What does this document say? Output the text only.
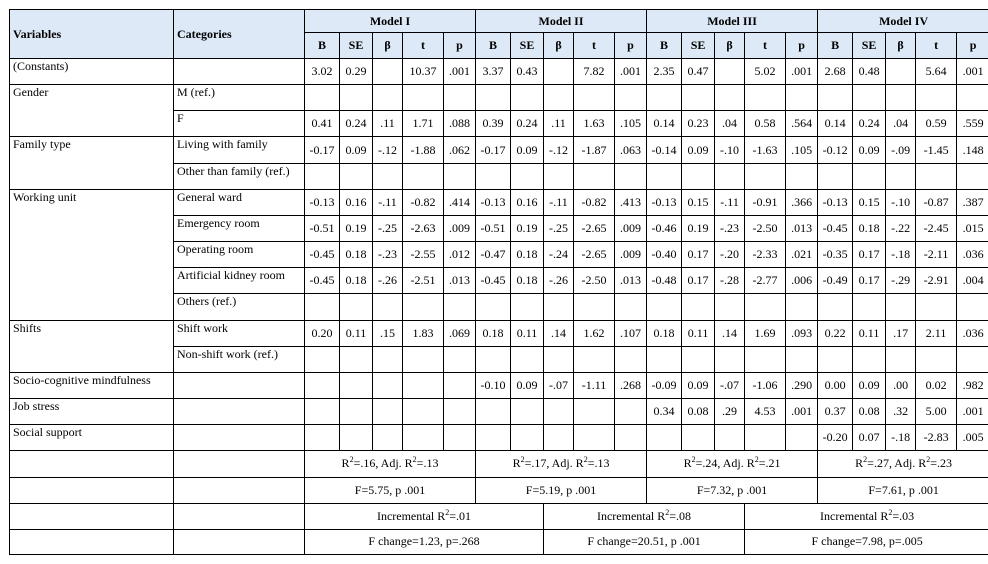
Variables	Categories	Model I					Model II					Model III					Model IV				
		B	SE	β	t	p	B	SE	β	t	p	B	SE	β	t	p	B	SE	β	t	p
(Constants)		3.02	0.29		10.37	.001	3.37	0.43		7.82	.001	2.35	0.47		5.02	.001	2.68	0.48		5.64	.001
Gender	M (ref.)																				
	F	0.41	0.24	.11	1.71	.088	0.39	0.24	.11	1.63	.105	0.14	0.23	.04	0.58	.564	0.14	0.24	.04	0.59	.559
Family type	Living with family	-0.17	0.09	-.12	-1.88	.062	-0.17	0.09	-.12	-1.87	.063	-0.14	0.09	-.10	-1.63	.105	-0.12	0.09	-.09	-1.45	.148
	Other than family (ref.)																				
Working unit	General ward	-0.13	0.16	-.11	-0.82	.414	-0.13	0.16	-.11	-0.82	.413	-0.13	0.15	-.11	-0.91	.366	-0.13	0.15	-.10	-0.87	.387
	Emergency room	-0.51	0.19	-.25	-2.63	.009	-0.51	0.19	-.25	-2.65	.009	-0.46	0.19	-.23	-2.50	.013	-0.45	0.18	-.22	-2.45	.015
	Operating room	-0.45	0.18	-.23	-2.55	.012	-0.47	0.18	-.24	-2.65	.009	-0.40	0.17	-.20	-2.33	.021	-0.35	0.17	-.18	-2.11	.036
	Artificial kidney room	-0.45	0.18	-.26	-2.51	.013	-0.45	0.18	-.26	-2.50	.013	-0.48	0.17	-.28	-2.77	.006	-0.49	0.17	-.29	-2.91	.004
	Others (ref.)																				
Shifts	Shift work	0.20	0.11	.15	1.83	.069	0.18	0.11	.14	1.62	.107	0.18	0.11	.14	1.69	.093	0.22	0.11	.17	2.11	.036
	Non-shift work (ref.)																				
Socio-cognitive mindfulness							-0.10	0.09	-.07	-1.11	.268	-0.09	0.09	-.07	-1.06	.290	0.00	0.09	.00	0.02	.982
Job stress												0.34	0.08	.29	4.53	.001	0.37	0.08	.32	5.00	.001
Social support																	-0.20	0.07	-.18	-2.83	.005
		$R^2=.16$, Adj. $R^2=.13$					$R^2=.17$, Adj. $R^2=.13$					$R^2=.24$, Adj. $R^2=.21$					$R^2=.27$, Adj. $R^2=.23$				
		F=5.75, p .001					F=5.19, p .001					F=7.32, p .001					F=7.61, p .001				
		Incremental $R^2=.01$							Incremental $R^2=.08$						Incremental $R^2=.03$						
		F change=1.23, p=.268							F change=20.51, p .001						F change=7.98, p=.005						
